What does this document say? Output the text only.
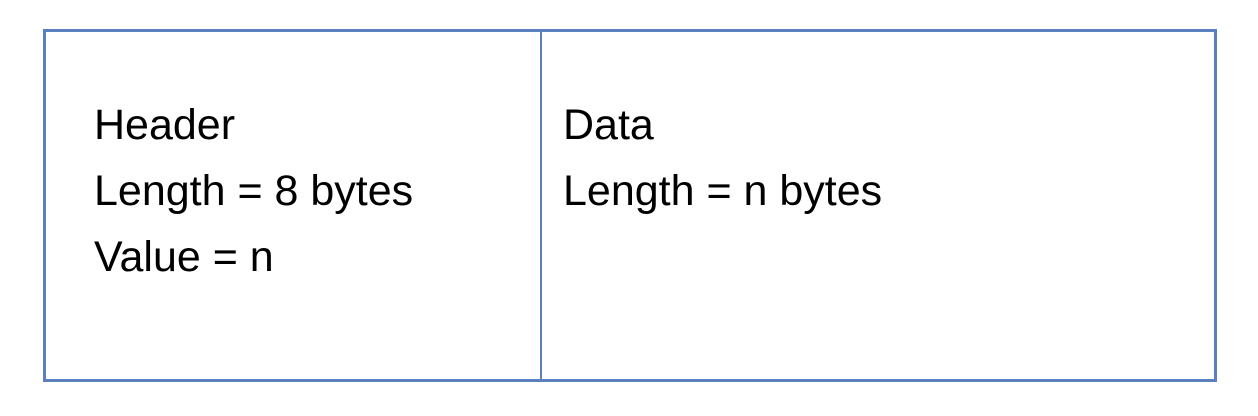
Header
Length = 8 bytes
Value = n
Data
Length = n bytes
